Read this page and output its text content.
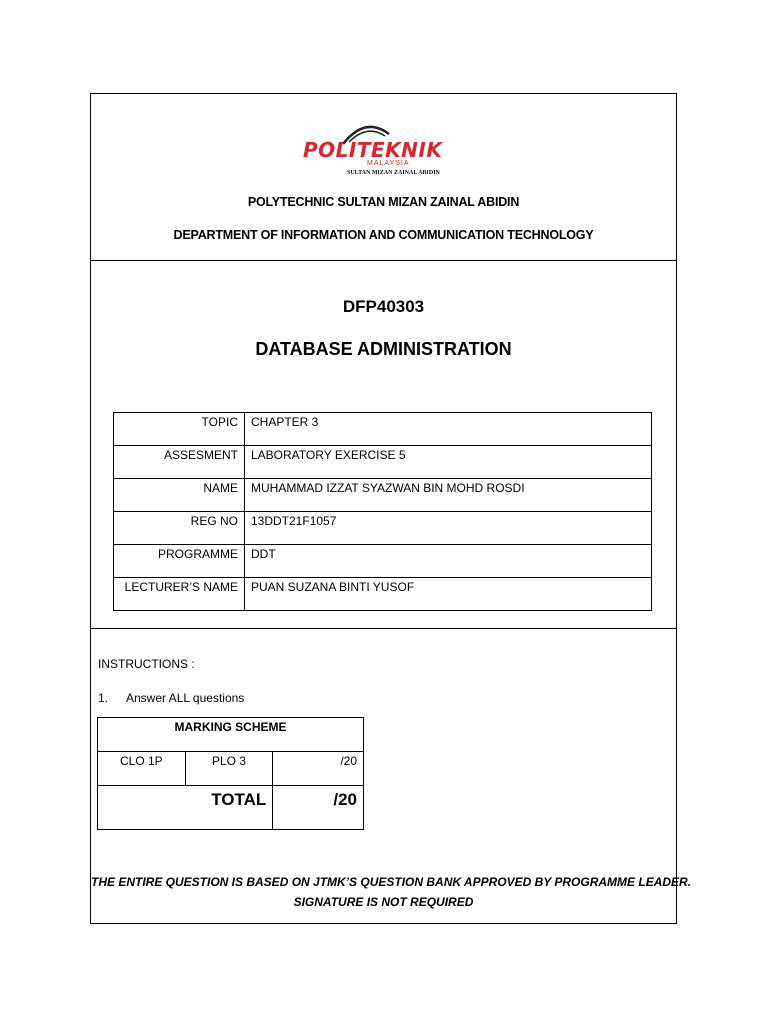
POLITEKNIK
MALAYSIA
SULTAN MIZAN ZAINAL ABIDIN
POLYTECHNIC SULTAN MIZAN ZAINAL ABIDIN
DEPARTMENT OF INFORMATION AND COMMUNICATION TECHNOLOGY
DFP40303
DATABASE ADMINISTRATION
TOPIC	CHAPTER 3
ASSESMENT	LABORATORY EXERCISE 5
NAME	MUHAMMAD IZZAT SYAZWAN BIN MOHD ROSDI
REG NO	13DDT21F1057
PROGRAMME	DDT
LECTURER’S NAME	PUAN SUZANA BINTI YUSOF
INSTRUCTIONS :
1. Answer ALL questions
MARKING SCHEME		
CLO 1P	PLO 3	/20
TOTAL		/20
THE ENTIRE QUESTION IS BASED ON JTMK’S QUESTION BANK APPROVED BY PROGRAMME LEADER.
SIGNATURE IS NOT REQUIRED
